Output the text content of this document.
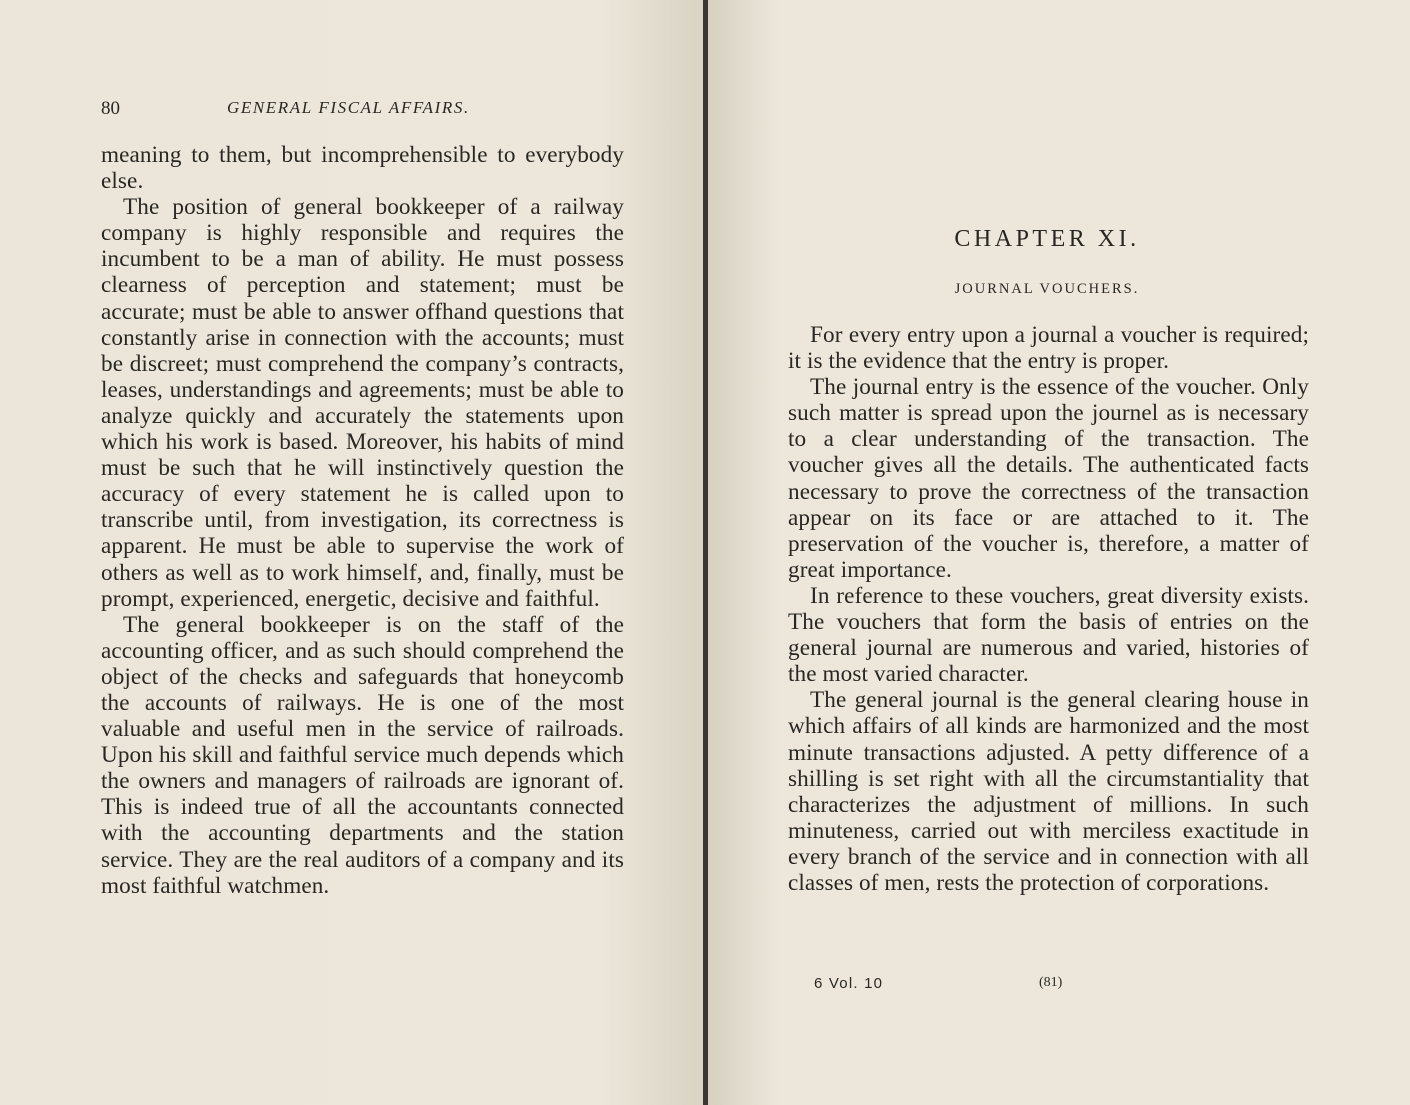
80	GENERAL FISCAL AFFAIRS.

meaning to them, but incomprehensible to everybody else.

The position of general bookkeeper of a railway company is highly responsible and requires the incumbent to be a man of ability. He must possess clearness of perception and statement; must be accurate; must be able to answer offhand questions that constantly arise in connection with the accounts; must be discreet; must comprehend the company’s contracts, leases, understandings and agreements; must be able to analyze quickly and accurately the statements upon which his work is based. Moreover, his habits of mind must be such that he will instinctively question the accuracy of every statement he is called upon to transcribe until, from investigation, its correctness is apparent. He must be able to supervise the work of others as well as to work himself, and, finally, must be prompt, experienced, energetic, decisive and faithful.

The general bookkeeper is on the staff of the accounting officer, and as such should comprehend the object of the checks and safeguards that honeycomb the accounts of railways. He is one of the most valuable and useful men in the service of railroads. Upon his skill and faithful service much depends which the owners and managers of railroads are ignorant of. This is indeed true of all the accountants connected with the accounting departments and the station service. They are the real auditors of a company and its most faithful watchmen.

CHAPTER XI.
JOURNAL VOUCHERS.

For every entry upon a journal a voucher is required; it is the evidence that the entry is proper.

The journal entry is the essence of the voucher. Only such matter is spread upon the journel as is necessary to a clear understanding of the transaction. The voucher gives all the details. The authenticated facts necessary to prove the correctness of the transaction appear on its face or are attached to it. The preservation of the voucher is, therefore, a matter of great importance.

In reference to these vouchers, great diversity exists. The vouchers that form the basis of entries on the general journal are numerous and varied, histories of the most varied character.

The general journal is the general clearing house in which affairs of all kinds are harmonized and the most minute transactions adjusted. A petty difference of a shilling is set right with all the circumstantiality that characterizes the adjustment of millions. In such minuteness, carried out with merciless exactitude in every branch of the service and in connection with all classes of men, rests the protection of corporations.

6 Vol. 10	(81)
